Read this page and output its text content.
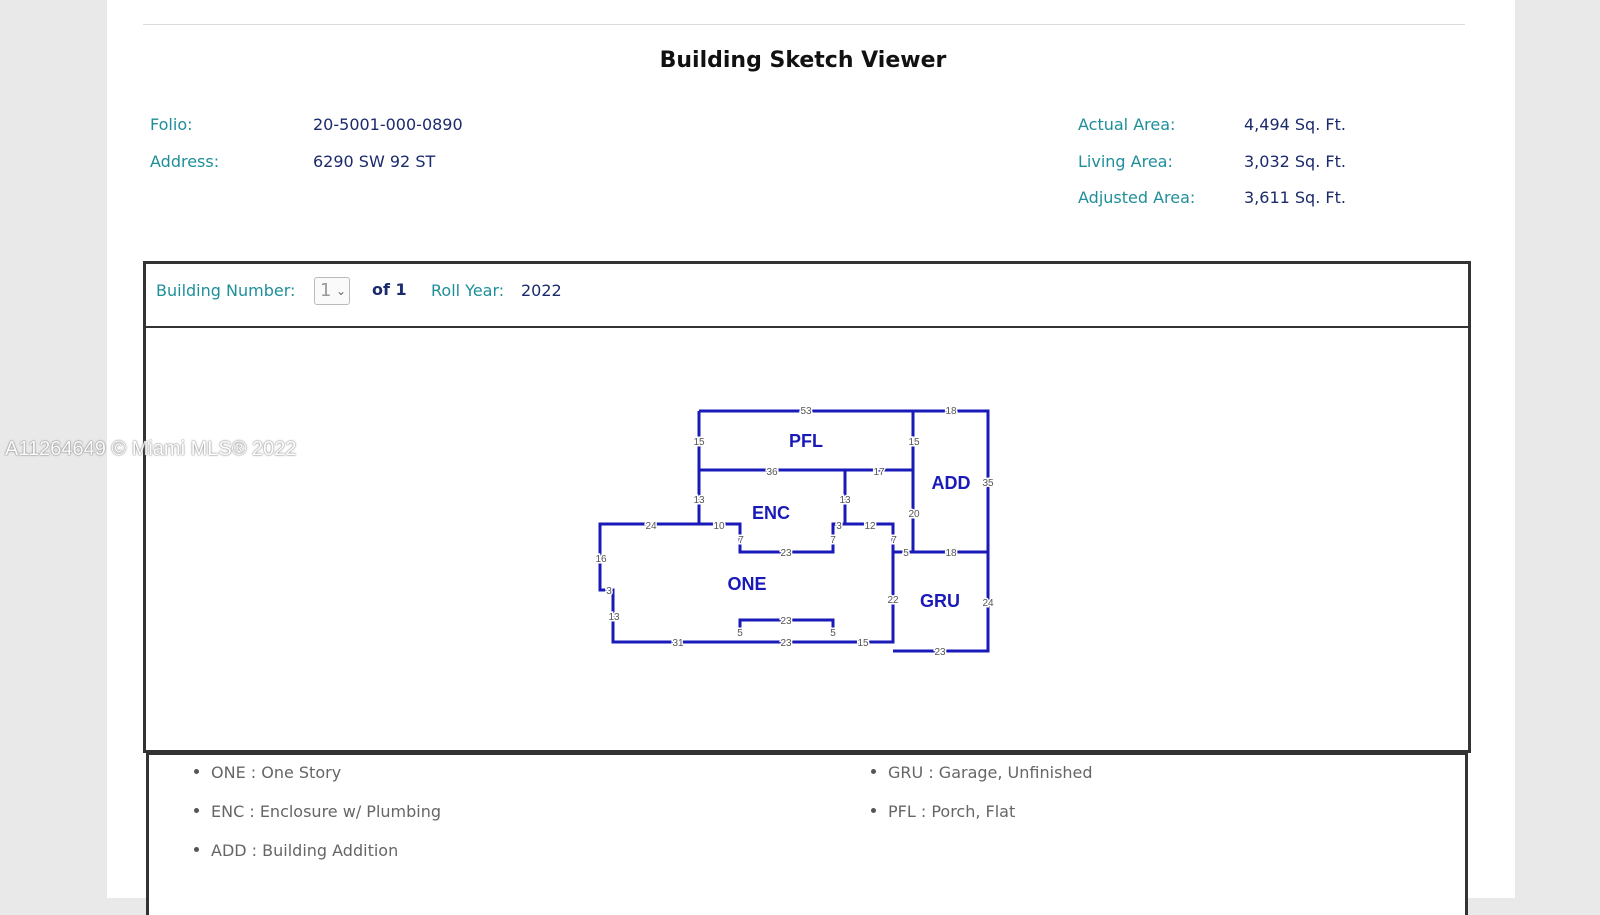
Building Sketch Viewer
Folio:	20-5001-000-0890
Address:	6290 SW 92 ST
Actual Area:	4,494 Sq. Ft.
Living Area:	3,032 Sq. Ft.
Adjusted Area:	3,611 Sq. Ft.
Building Number:	1 ⌄ of 1 Roll Year: 2022
PFL
ADD
ENC
ONE
GRU
53	18
15	15
36	17
35
13	13
20
24	10
7	7
3 12
7
5	18
23
16
3
13
22	24
23
5	5
31	23	15
23
ONE : One Story
ENC : Enclosure w/ Plumbing
ADD : Building Addition
GRU : Garage, Unfinished
PFL : Porch, Flat
A11264649 © Miami MLS® 2022
